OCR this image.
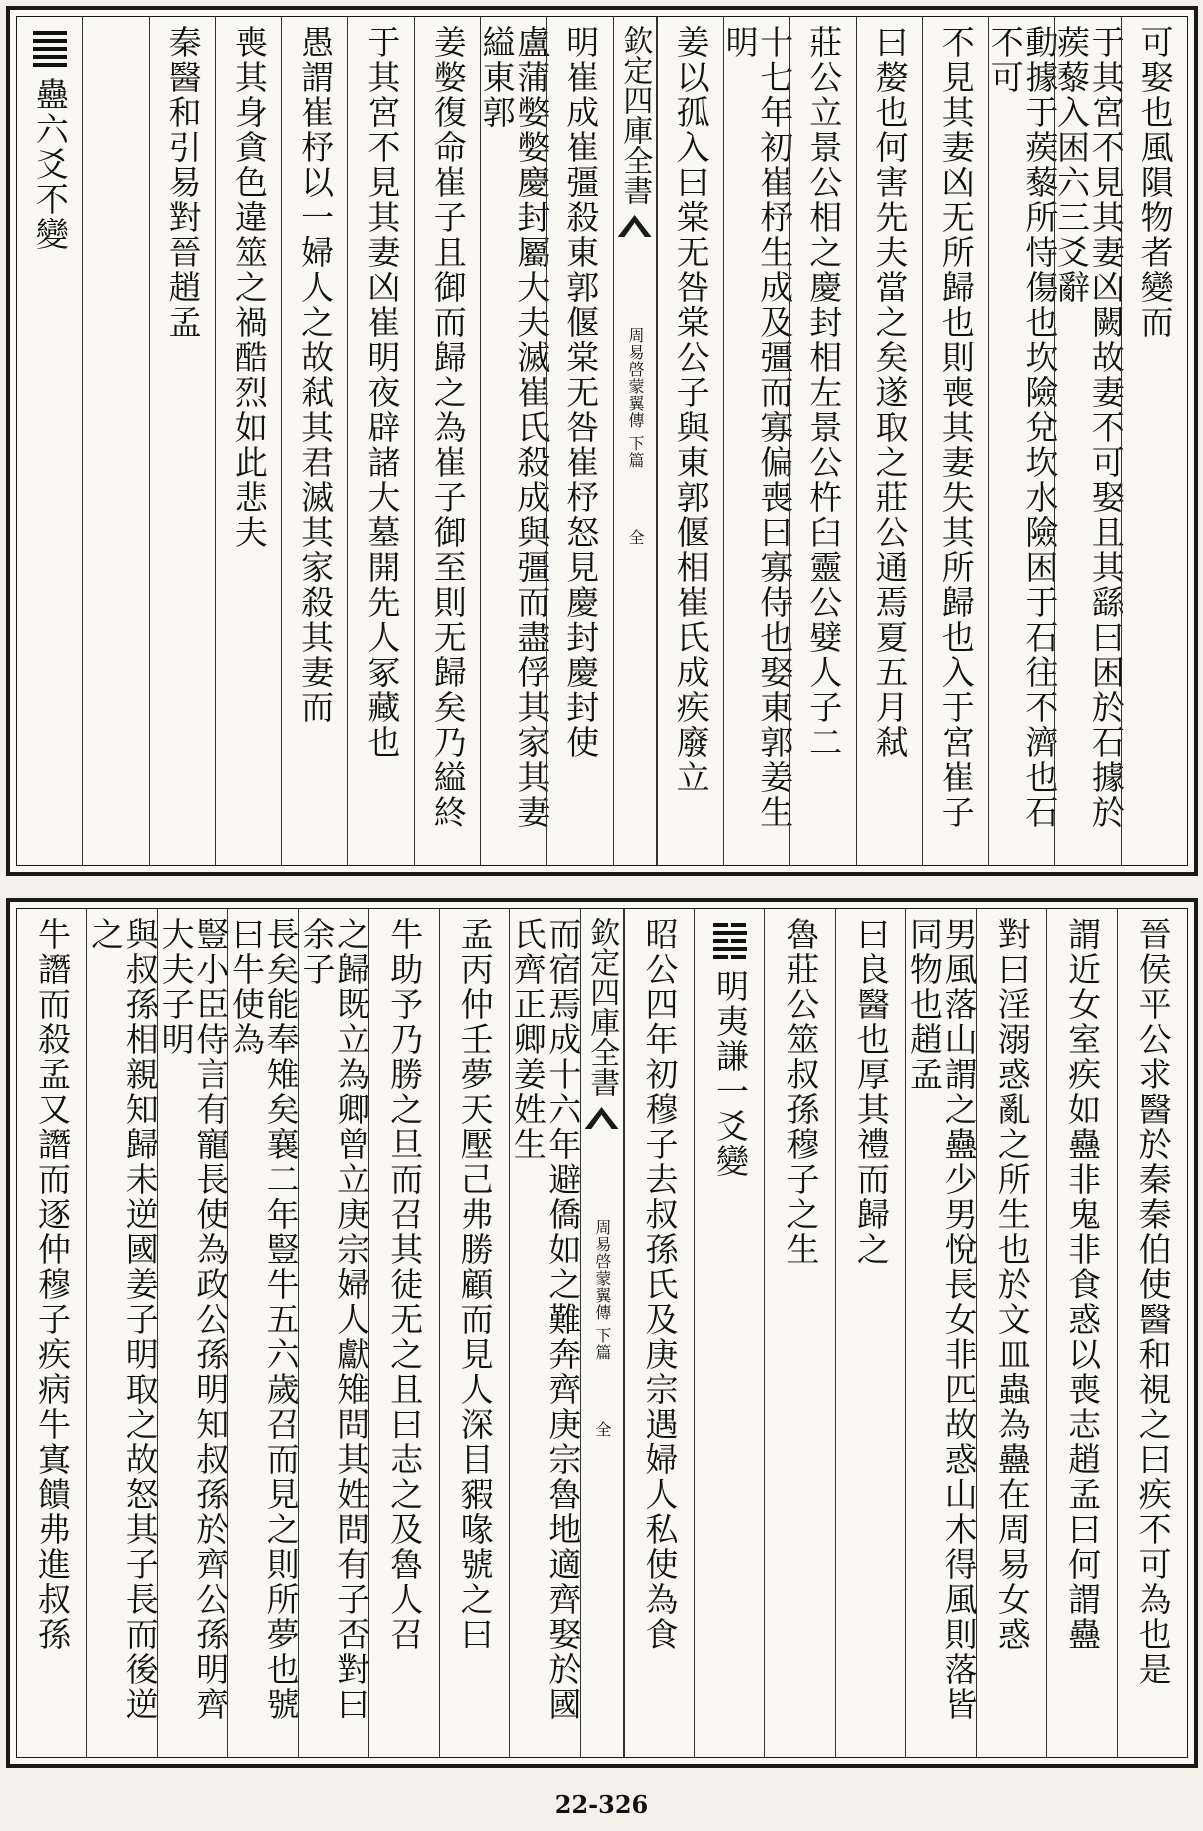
可娶也風隕物者變而
于其宮不見其妻凶闕故妻不可娶且其繇曰困於石據於蒺藜入困六三爻辭
動據于蒺藜所恃傷也坎險兌坎水險困于石往不濟也石不可
不見其妻凶无所歸也則喪其妻失其所歸也入于宮崔子
曰嫠也何害先夫當之矣遂取之莊公通焉夏五月弒
莊公立景公相之慶封相左景公杵臼靈公嬖人子二
十七年初崔杼生成及彊而寡偏喪曰寡侍也娶東郭姜生明
姜以孤入曰棠无咎棠公子與東郭偃相崔氏成疾廢立
欽定四庫全書
周易啓蒙翼傳 下篇
全
明崔成崔彊殺東郭偃棠无咎崔杼怒見慶封慶封使
盧蒲嫳嫳慶封屬大夫滅崔氏殺成與彊而盡俘其家其妻縊東郭
姜嫳復命崔子且御而歸之為崔子御至則无歸矣乃縊終
于其宮不見其妻凶崔明夜辟諸大墓開先人冢藏也
愚謂崔杼以一婦人之故弒其君滅其家殺其妻而
喪其身貪色違筮之禍酷烈如此悲夫
秦醫和引易對晉趙孟
蠱六爻不變
晉侯平公求醫於秦秦伯使醫和視之曰疾不可為也是
謂近女室疾如蠱非鬼非食惑以喪志趙孟曰何謂蠱
對曰淫溺惑亂之所生也於文皿蟲為蠱在周易女惑
男風落山謂之蠱少男悅長女非匹故惑山木得風則落皆同物也趙孟
曰良醫也厚其禮而歸之
魯莊公筮叔孫穆子之生
明夷謙一爻變
昭公四年初穆子去叔孫氏及庚宗遇婦人私使為食
欽定四庫全書
周易啓蒙翼傳 下篇
全
而宿焉成十六年避僑如之難奔齊庚宗魯地適齊娶於國氏齊正卿姜姓生
孟丙仲壬夢天壓己弗勝顧而見人深目豭喙號之曰
牛助予乃勝之旦而召其徒无之且曰志之及魯人召
之歸既立為卿曾立庚宗婦人獻雉問其姓問有子否對曰余子
長矣能奉雉矣襄二年豎牛五六歲召而見之則所夢也號曰牛使為
豎小臣侍言有寵長使為政公孫明知叔孫於齊公孫明齊大夫子明
與叔孫相親知歸未逆國姜子明取之故怒其子長而後逆之
牛譖而殺孟又譖而逐仲穆子疾病牛寘饋弗進叔孫
22-326
